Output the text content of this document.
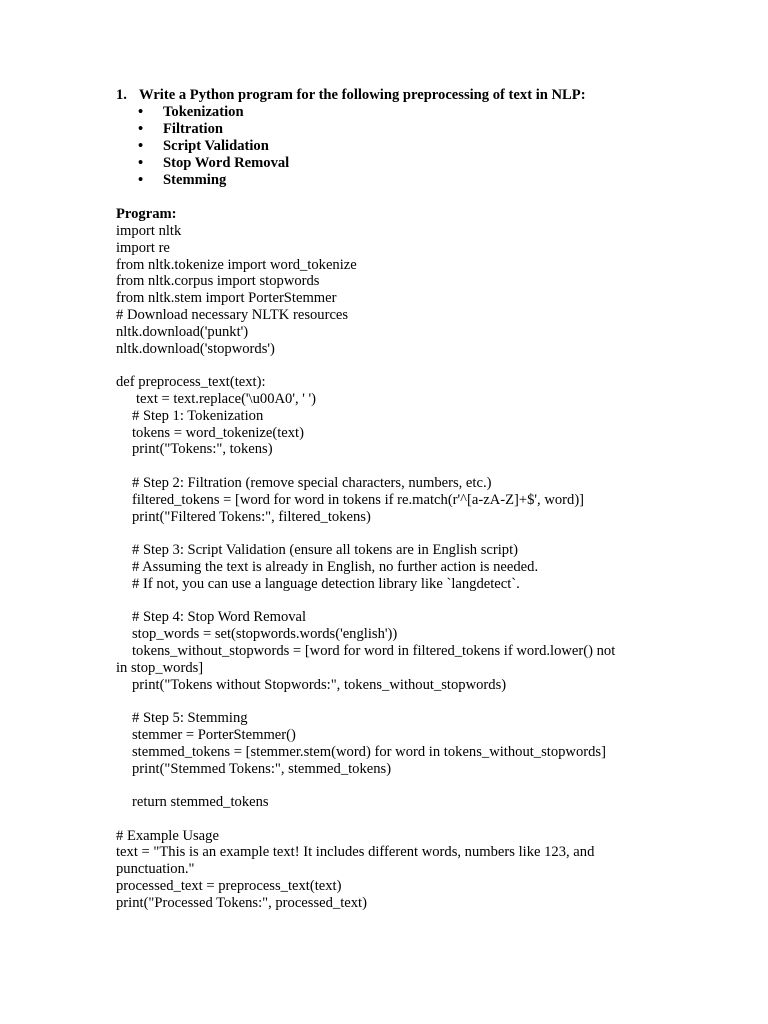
1. Write a Python program for the following preprocessing of text in NLP:
• Tokenization
• Filtration
• Script Validation
• Stop Word Removal
• Stemming
Program:
import nltk
import re
from nltk.tokenize import word_tokenize
from nltk.corpus import stopwords
from nltk.stem import PorterStemmer
# Download necessary NLTK resources
nltk.download('punkt')
nltk.download('stopwords')
def preprocess_text(text):
text = text.replace('\u00A0', ' ')
# Step 1: Tokenization
tokens = word_tokenize(text)
print("Tokens:", tokens)
# Step 2: Filtration (remove special characters, numbers, etc.)
filtered_tokens = [word for word in tokens if re.match(r'^[a-zA-Z]+$', word)]
print("Filtered Tokens:", filtered_tokens)
# Step 3: Script Validation (ensure all tokens are in English script)
# Assuming the text is already in English, no further action is needed.
# If not, you can use a language detection library like `langdetect`.
# Step 4: Stop Word Removal
stop_words = set(stopwords.words('english'))
tokens_without_stopwords = [word for word in filtered_tokens if word.lower() not
in stop_words]
print("Tokens without Stopwords:", tokens_without_stopwords)
# Step 5: Stemming
stemmer = PorterStemmer()
stemmed_tokens = [stemmer.stem(word) for word in tokens_without_stopwords]
print("Stemmed Tokens:", stemmed_tokens)
return stemmed_tokens
# Example Usage
text = "This is an example text! It includes different words, numbers like 123, and
punctuation."
processed_text = preprocess_text(text)
print("Processed Tokens:", processed_text)
